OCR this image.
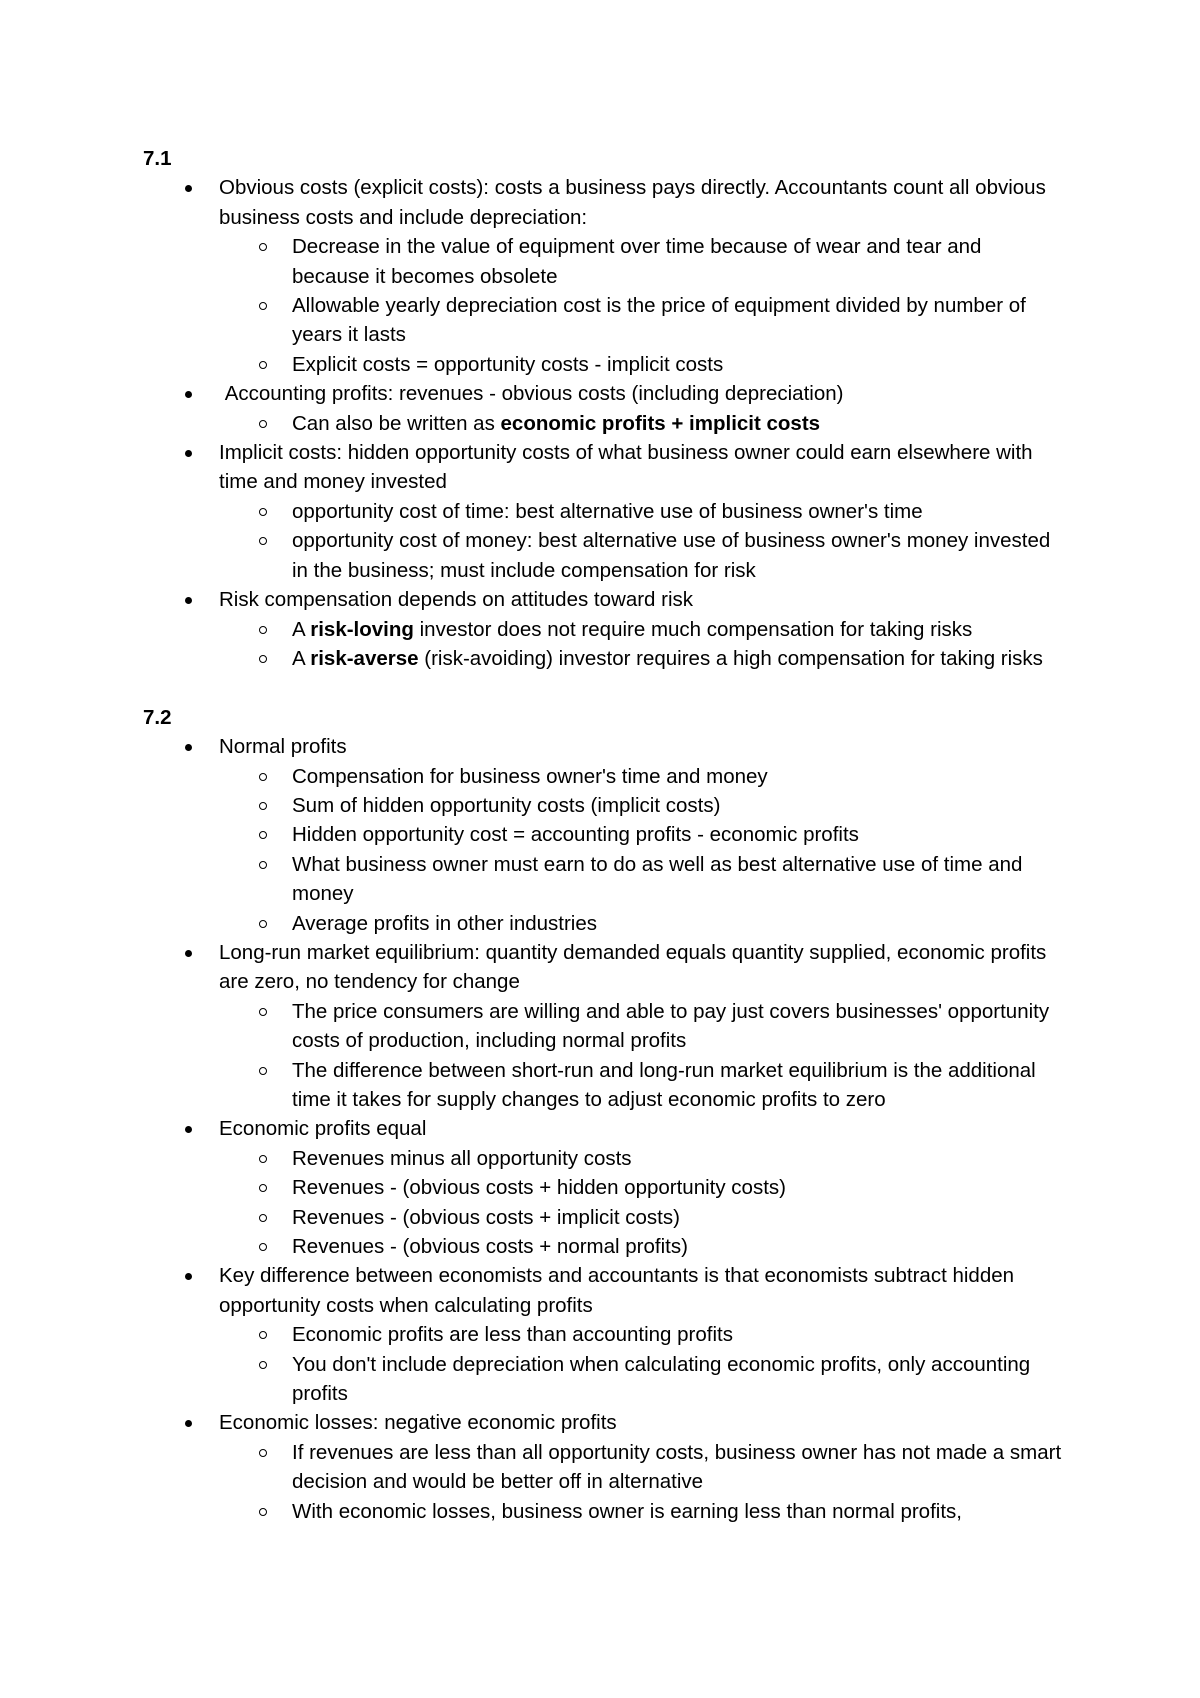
7.1
Obvious costs (explicit costs): costs a business pays directly. Accountants count all obvious business costs and include depreciation:
Decrease in the value of equipment over time because of wear and tear and because it becomes obsolete
Allowable yearly depreciation cost is the price of equipment divided by number of years it lasts
Explicit costs = opportunity costs - implicit costs
Accounting profits: revenues - obvious costs (including depreciation)
Can also be written as economic profits + implicit costs
Implicit costs: hidden opportunity costs of what business owner could earn elsewhere with time and money invested
opportunity cost of time: best alternative use of business owner's time
opportunity cost of money: best alternative use of business owner's money invested in the business; must include compensation for risk
Risk compensation depends on attitudes toward risk
A risk-loving investor does not require much compensation for taking risks
A risk-averse (risk-avoiding) investor requires a high compensation for taking risks
7.2
Normal profits
Compensation for business owner's time and money
Sum of hidden opportunity costs (implicit costs)
Hidden opportunity cost = accounting profits - economic profits
What business owner must earn to do as well as best alternative use of time and money
Average profits in other industries
Long-run market equilibrium: quantity demanded equals quantity supplied, economic profits are zero, no tendency for change
The price consumers are willing and able to pay just covers businesses' opportunity costs of production, including normal profits
The difference between short-run and long-run market equilibrium is the additional time it takes for supply changes to adjust economic profits to zero
Economic profits equal
Revenues minus all opportunity costs
Revenues - (obvious costs + hidden opportunity costs)
Revenues - (obvious costs + implicit costs)
Revenues - (obvious costs + normal profits)
Key difference between economists and accountants is that economists subtract hidden opportunity costs when calculating profits
Economic profits are less than accounting profits
You don't include depreciation when calculating economic profits, only accounting profits
Economic losses: negative economic profits
If revenues are less than all opportunity costs, business owner has not made a smart decision and would be better off in alternative
With economic losses, business owner is earning less than normal profits,
